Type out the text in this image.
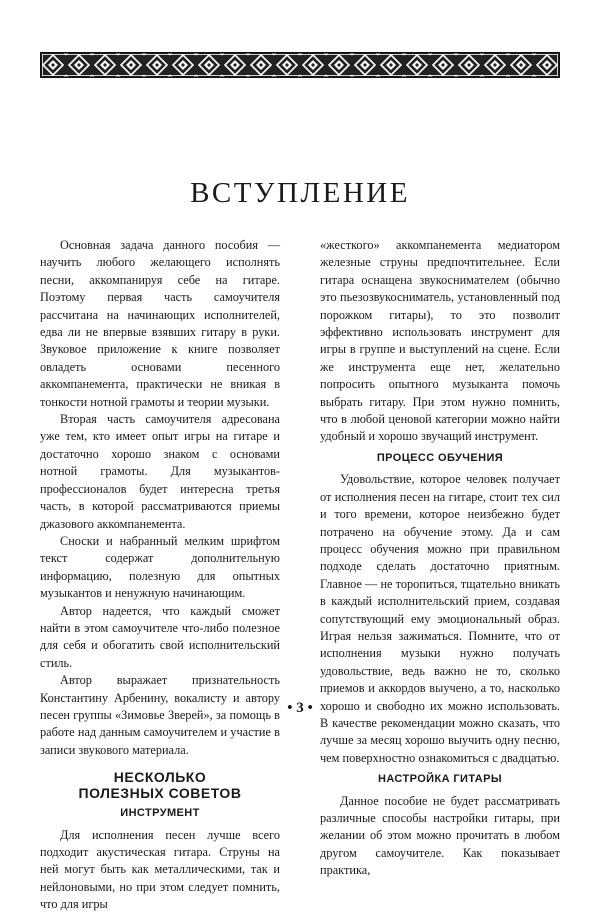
ВСТУПЛЕНИЕ

Основная задача данного пособия — научить любого желающего исполнять песни, аккомпанируя себе на гитаре. Поэтому первая часть самоучителя рассчитана на начинающих исполнителей, едва ли не впервые взявших гитару в руки. Звуковое приложение к книге позволяет овладеть основами песенного аккомпанемента, практически не вникая в тонкости нотной грамоты и теории музыки.

Вторая часть самоучителя адресована уже тем, кто имеет опыт игры на гитаре и достаточно хорошо знаком с основами нотной грамоты. Для музыкантов-профессионалов будет интересна третья часть, в которой рассматриваются приемы джазового аккомпанемента.

Сноски и набранный мелким шрифтом текст содержат дополнительную информацию, полезную для опытных музыкантов и ненужную начинающим.

Автор надеется, что каждый сможет найти в этом самоучителе что-либо полезное для себя и обогатить свой исполнительский стиль.

Автор выражает признательность Константину Арбенину, вокалисту и автору песен группы «Зимовье Зверей», за помощь в работе над данным самоучителем и участие в записи звукового материала.

НЕСКОЛЬКО
ПОЛЕЗНЫХ СОВЕТОВ
ИНСТРУМЕНТ

Для исполнения песен лучше всего подходит акустическая гитара. Струны на ней могут быть как металлическими, так и нейлоновыми, но при этом следует помнить, что для игры

«жесткого» аккомпанемента медиатором железные струны предпочтительнее. Если гитара оснащена звукоснимателем (обычно это пьезозвукосниматель, установленный под порожком гитары), то это позволит эффективно использовать инструмент для игры в группе и выступлений на сцене. Если же инструмента еще нет, желательно попросить опытного музыканта помочь выбрать гитару. При этом нужно помнить, что в любой ценовой категории можно найти удобный и хорошо звучащий инструмент.

ПРОЦЕСС ОБУЧЕНИЯ

Удовольствие, которое человек получает от исполнения песен на гитаре, стоит тех сил и того времени, которое неизбежно будет потрачено на обучение этому. Да и сам процесс обучения можно при правильном подходе сделать достаточно приятным. Главное — не торопиться, тщательно вникать в каждый исполнительский прием, создавая сопутствующий ему эмоциональный образ. Играя нельзя зажиматься. Помните, что от исполнения музыки нужно получать удовольствие, ведь важно не то, сколько приемов и аккордов выучено, а то, насколько хорошо и свободно их можно использовать. В качестве рекомендации можно сказать, что лучше за месяц хорошо выучить одну песню, чем поверхностно ознакомиться с двадцатью.

НАСТРОЙКА ГИТАРЫ

Данное пособие не будет рассматривать различные способы настройки гитары, при желании об этом можно прочитать в любом другом самоучителе. Как показывает практика,

• 3 •
